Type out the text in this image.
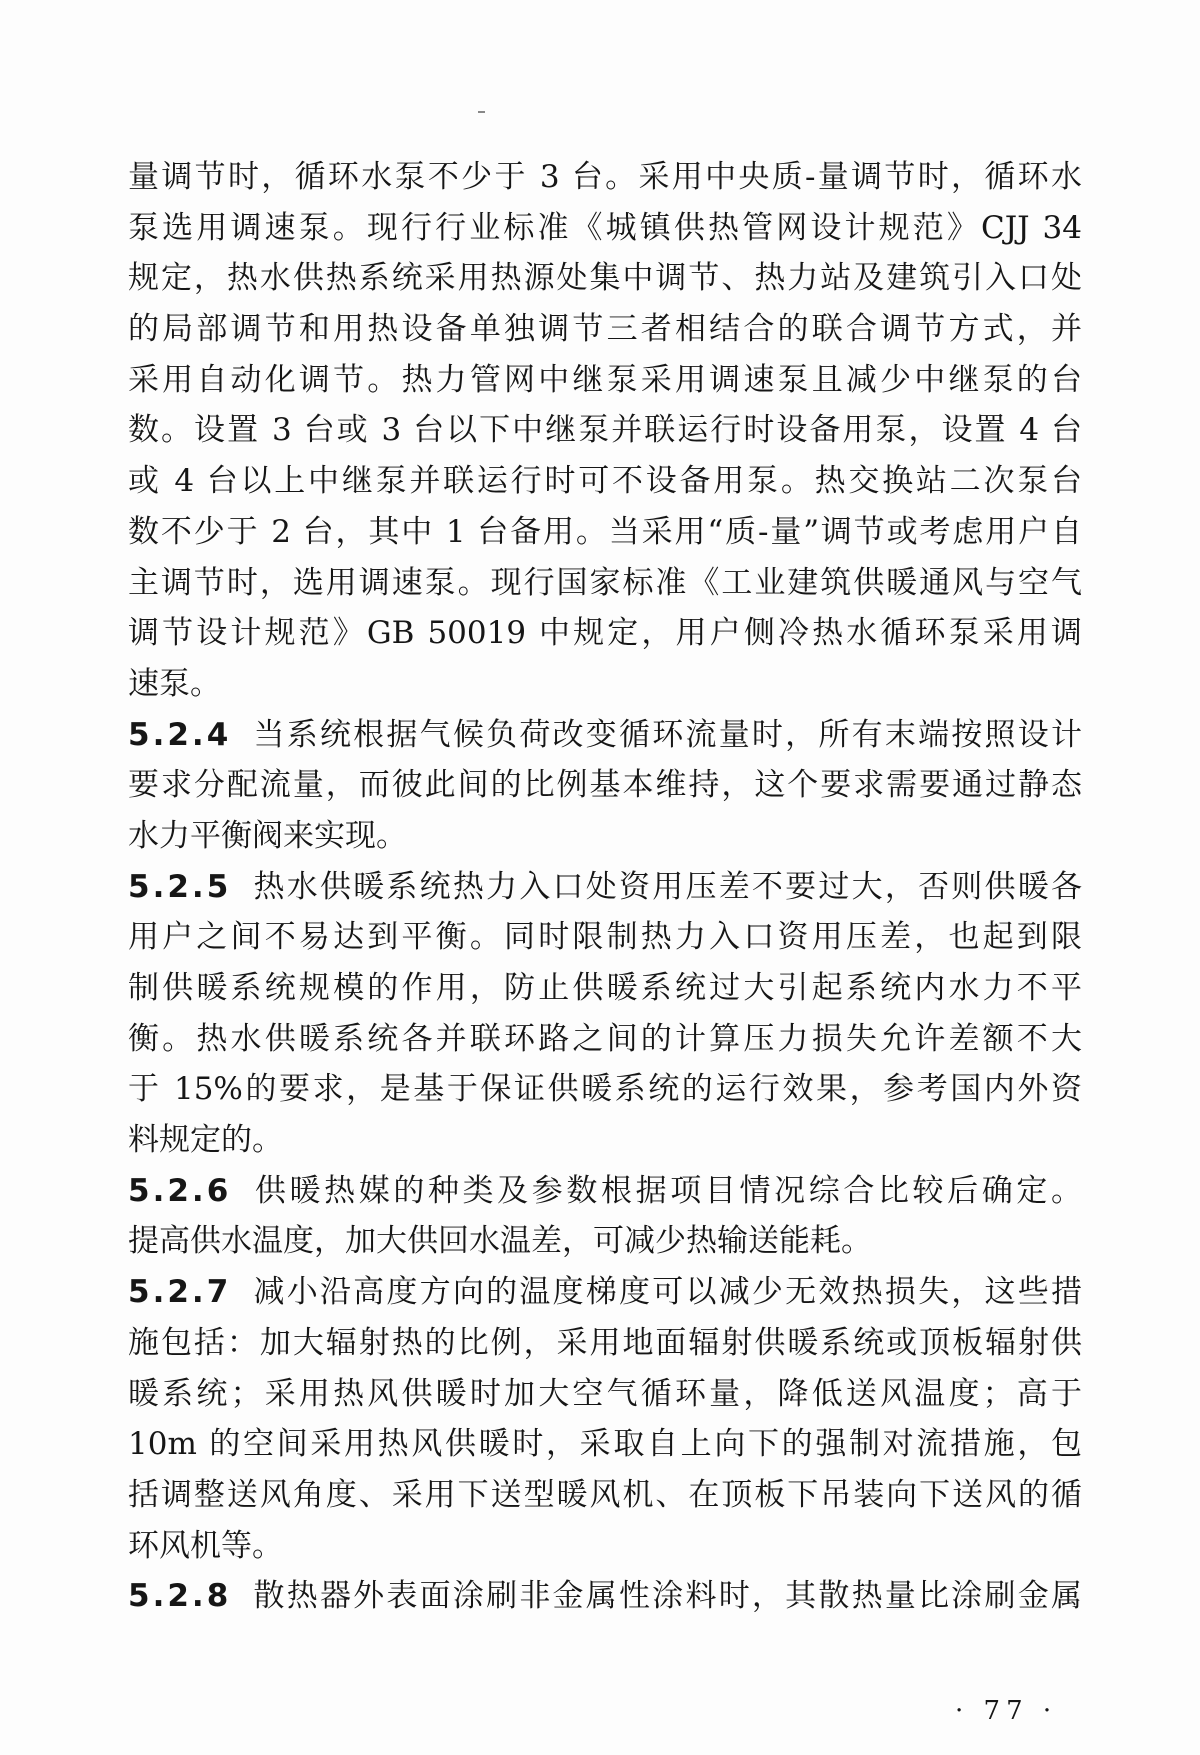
量调节时，循环水泵不少于 3 台。采用中央质-量调节时，循环水
泵选用调速泵。现行行业标准《城镇供热管网设计规范》CJJ 34
规定，热水供热系统采用热源处集中调节、热力站及建筑引入口处
的局部调节和用热设备单独调节三者相结合的联合调节方式，并
采用自动化调节。热力管网中继泵采用调速泵且减少中继泵的台
数。设置 3 台或 3 台以下中继泵并联运行时设备用泵，设置 4 台
或 4 台以上中继泵并联运行时可不设备用泵。热交换站二次泵台
数不少于 2 台，其中 1 台备用。当采用“质-量”调节或考虑用户自
主调节时，选用调速泵。现行国家标准《工业建筑供暖通风与空气
调节设计规范》GB 50019 中规定，用户侧冷热水循环泵采用调
速泵。
5.2.4 当系统根据气候负荷改变循环流量时，所有末端按照设计
要求分配流量，而彼此间的比例基本维持，这个要求需要通过静态
水力平衡阀来实现。
5.2.5 热水供暖系统热力入口处资用压差不要过大，否则供暖各
用户之间不易达到平衡。同时限制热力入口资用压差，也起到限
制供暖系统规模的作用，防止供暖系统过大引起系统内水力不平
衡。热水供暖系统各并联环路之间的计算压力损失允许差额不大
于 15%的要求，是基于保证供暖系统的运行效果，参考国内外资
料规定的。
5.2.6 供暖热媒的种类及参数根据项目情况综合比较后确定。
提高供水温度，加大供回水温差，可减少热输送能耗。
5.2.7 减小沿高度方向的温度梯度可以减少无效热损失，这些措
施包括：加大辐射热的比例，采用地面辐射供暖系统或顶板辐射供
暖系统；采用热风供暖时加大空气循环量，降低送风温度；高于
10m 的空间采用热风供暖时，采取自上向下的强制对流措施，包
括调整送风角度、采用下送型暖风机、在顶板下吊装向下送风的循
环风机等。
5.2.8 散热器外表面涂刷非金属性涂料时，其散热量比涂刷金属
· 77 ·
